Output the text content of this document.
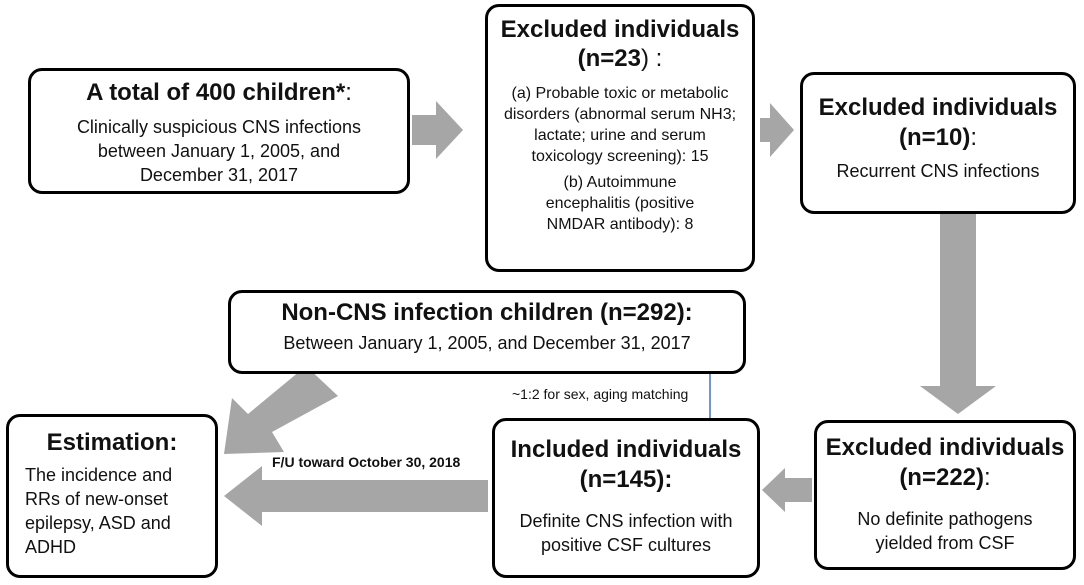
A total of 400 children*:
Clinically suspicious CNS infections between January 1, 2005, and December 31, 2017
Excluded individuals
(n=23) :
(a) Probable toxic or metabolic disorders (abnormal serum NH3; lactate; urine and serum toxicology screening): 15
(b) Autoimmune encephalitis (positive NMDAR antibody): 8
Excluded individuals
(n=10):
Recurrent CNS infections
Non-CNS infection children (n=292):
Between January 1, 2005, and December 31, 2017
~1:2 for sex, aging matching
F/U toward October 30, 2018
Estimation:
The incidence and RRs of new-onset epilepsy, ASD and ADHD
Included individuals
(n=145):
Definite CNS infection with positive CSF cultures
Excluded individuals
(n=222):
No definite pathogens yielded from CSF
